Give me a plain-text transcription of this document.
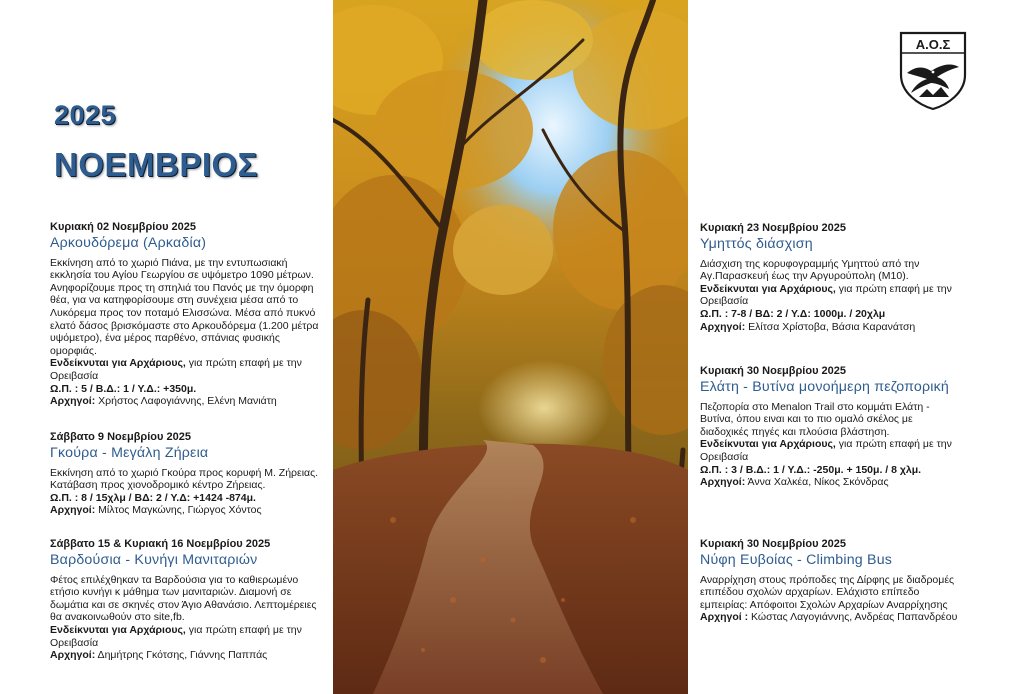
2025
ΝΟΕΜΒΡΙΟΣ
Κυριακή 02 Νοεμβρίου 2025
Αρκουδόρεμα (Αρκαδία)

Εκκίνηση από το χωριό Πιάνα, με την εντυπωσιακή εκκλησία του Αγίου Γεωργίου σε υψόμετρο 1090 μέτρων. Ανηφορίζουμε προς τη σπηλιά του Πανός με την όμορφη θέα, για να κατηφορίσουμε στη συνέχεια μέσα από το Λυκόρεμα προς τον ποταμό Ελισσώνα. Μέσα από πυκνό ελατό δάσος βρισκόμαστε στο Αρκουδόρεμα (1.200 μέτρα υψόμετρο), ένα μέρος παρθένο, σπάνιας φυσικής ομορφιάς.

Ενδείκνυται για Αρχάριους, για πρώτη επαφή με την Ορειβασία

Ω.Π. : 5 / Β.Δ.: 1 / Υ.Δ.: +350μ.

Αρχηγοί: Χρήστος Λαφογιάννης, Ελένη Μανιάτη

Σάββατο 9 Νοεμβρίου 2025
Γκούρα - Μεγάλη Ζήρεια

Εκκίνηση από το χωριό Γκούρα προς κορυφή Μ. Ζήρειας. Κατάβαση προς χιονοδρομικό κέντρο Ζήρειας.

Ω.Π. : 8 / 15χλμ / ΒΔ: 2 / Υ.Δ: +1424 -874μ.

Αρχηγοί: Μίλτος Μαγκώνης, Γιώργος Χόντος

Σάββατο 15 & Κυριακή 16 Νοεμβρίου 2025
Βαρδούσια - Κυνήγι Μανιταριών

Φέτος επιλέχθηκαν τα Βαρδούσια για το καθιερωμένο ετήσιο κυνήγι κ μάθημα των μανιταριών. Διαμονή σε δωμάτια και σε σκηνές στον Άγιο Αθανάσιο. Λεπτομέρειες θα ανακοινωθούν στο site,fb.

Ενδείκνυται για Αρχάριους, για πρώτη επαφή με την Ορειβασία

Αρχηγοί: Δημήτρης Γκότσης, Γιάννης Παππάς

Α.Ο.Σ
Κυριακή 23 Νοεμβρίου 2025
Υμηττός διάσχιση

Διάσχιση της κορυφογραμμής Υμηττού από την Αγ.Παρασκευή έως την Αργυρούπολη (Μ10).

Ενδείκνυται για Αρχάριους, για πρώτη επαφή με την Ορειβασία

Ω.Π. : 7-8 / ΒΔ: 2 / Υ.Δ: 1000μ. / 20χλμ

Αρχηγοί: Ελίτσα Χρίστοβα, Βάσια Καρανάτση

Κυριακή 30 Νοεμβρίου 2025
Ελάτη - Βυτίνα μονοήμερη πεζοπορική

Πεζοπορία στο Menalon Trail στο κομμάτι Ελάτη - Βυτίνα, όπου ειναι και το πιο ομαλό σκέλος με διαδοχικές πηγές και πλούσια βλάστηση.

Ενδείκνυται για Αρχάριους, για πρώτη επαφή με την Ορειβασία

Ω.Π. : 3 / Β.Δ.: 1 / Υ.Δ.: -250μ. + 150μ. / 8 χλμ.

Αρχηγοί: Άννα Χαλκέα, Νίκος Σκόνδρας

Κυριακή 30 Νοεμβρίου 2025
Νύφη Ευβοίας - Climbing Bus

Αναρρίχηση στους πρόποδες της Δίρφης με διαδρομές επιπέδου σχολών αρχαρίων. Ελάχιστο επίπεδο εμπειρίας: Απόφοιτοι Σχολών Αρχαρίων Αναρρίχησης

Αρχηγοί : Κώστας Λαγογιάννης, Ανδρέας Παπανδρέου
